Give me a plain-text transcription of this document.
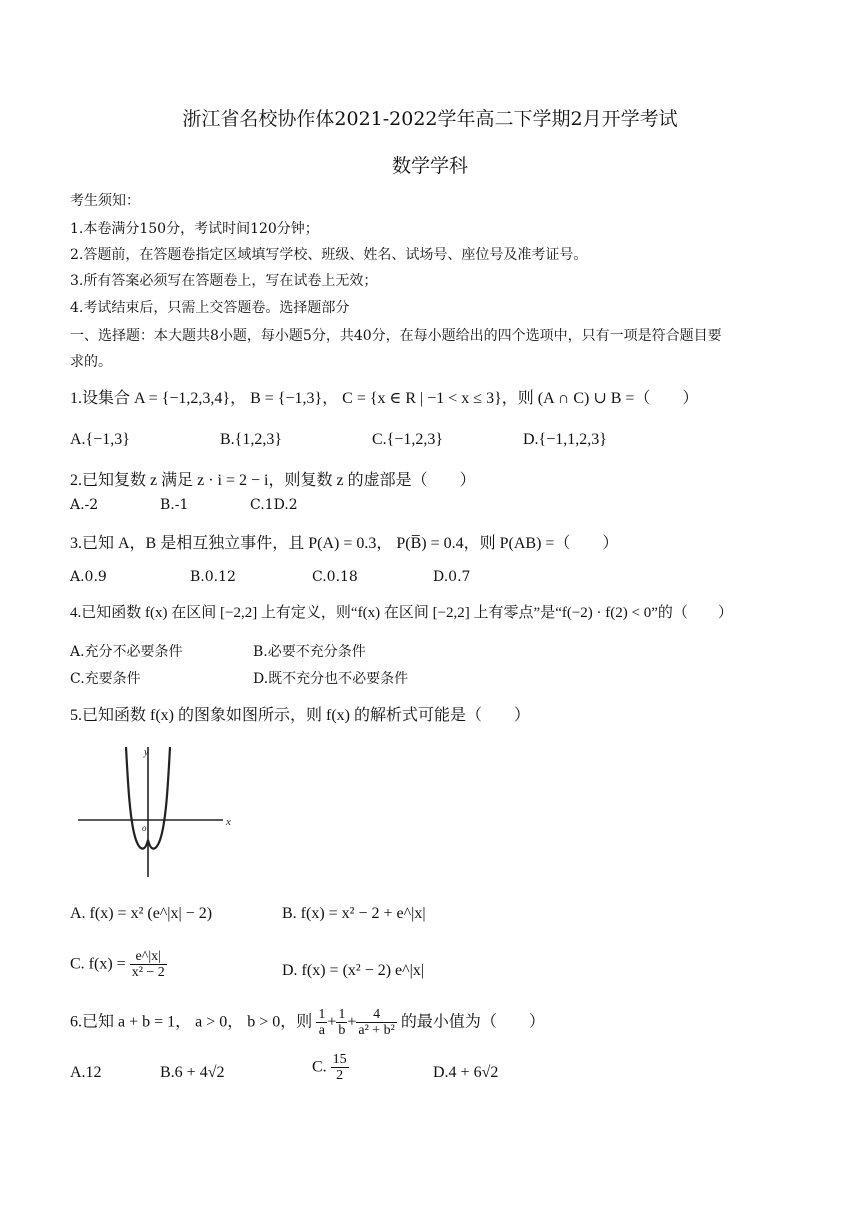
浙江省名校协作体2021-2022学年高二下学期2月开学考试
数学学科
考生须知：
1.本卷满分150分，考试时间120分钟；
2.答题前，在答题卷指定区域填写学校、班级、姓名、试场号、座位号及准考证号。
3.所有答案必须写在答题卷上，写在试卷上无效；
4.考试结束后，只需上交答题卷。选择题部分
一、选择题：本大题共8小题，每小题5分，共40分，在每小题给出的四个选项中，只有一项是符合题目要
求的。
1.设集合 A = {−1,2,3,4}， B = {−1,3}， C = {x ∈ R | −1 < x ≤ 3}，则 (A ∩ C) ∪ B =（　　）
A.{−1,3}	B.{1,2,3}	C.{−1,2,3}	D.{−1,1,2,3}
2.已知复数 z 满足 z · i = 2 − i，则复数 z 的虚部是（　　）
A.-2	B.-1	C.1D.2
3.已知 A，B 是相互独立事件，且 P(A) = 0.3， P(B̅) = 0.4，则 P(AB) =（　　）
A.0.9	B.0.12	C.0.18	D.0.7
4.已知函数 f(x) 在区间 [−2,2] 上有定义，则“f(x) 在区间 [−2,2] 上有零点”是“f(−2) · f(2) < 0”的（　　）
A.充分不必要条件	B.必要不充分条件
C.充要条件	D.既不充分也不必要条件
5.已知函数 f(x) 的图象如图所示，则 f(x) 的解析式可能是（　　）
x
y
o
A. f(x) = x² (e^|x| − 2)	B. f(x) = x² − 2 + e^|x|
C. $f(x) = \frac{e\^{}|x|}{\text{x² − 2}}$	D. f(x) = (x² − 2) e^|x|
6.已知 a + b = 1， a > 0， b > 0，则 $\frac{1}{a} + \frac{1}{b} + \frac{4}{\text{a² + b²}}$ 的最小值为（　　）
A.12	B.6 + 4√2	C. $\frac{15}{2}$	D.4 + 6√2
